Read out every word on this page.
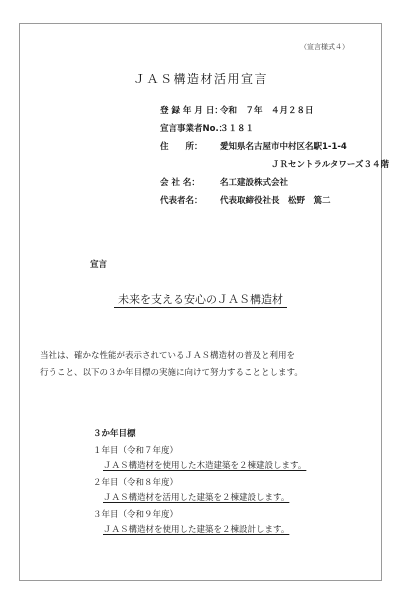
（宣言様式４）
ＪＡＳ構造材活用宣言
登 録 年 月 日：
令和　７年　４月２８日
宣言事業者No.：
３１８１
住　　所：	愛知県名古屋市中村区名駅1-1-4
ＪＲセントラルタワーズ３４階
会 社 名：	名工建設株式会社
代表者名：	代表取締役社長　松野　篤二
宣言
未来を支える安心のＪＡＳ構造材
当社は、確かな性能が表示されているＪＡＳ構造材の普及と利用を
行うこと、以下の３か年目標の実施に向けて努力することとします。
３か年目標
１年目（令和７年度）
ＪＡＳ構造材を使用した木造建築を２棟建設します。
２年目（令和８年度）
ＪＡＳ構造材を活用した建築を２棟建設します。
３年目（令和９年度）
ＪＡＳ構造材を使用した建築を２棟設計します。
